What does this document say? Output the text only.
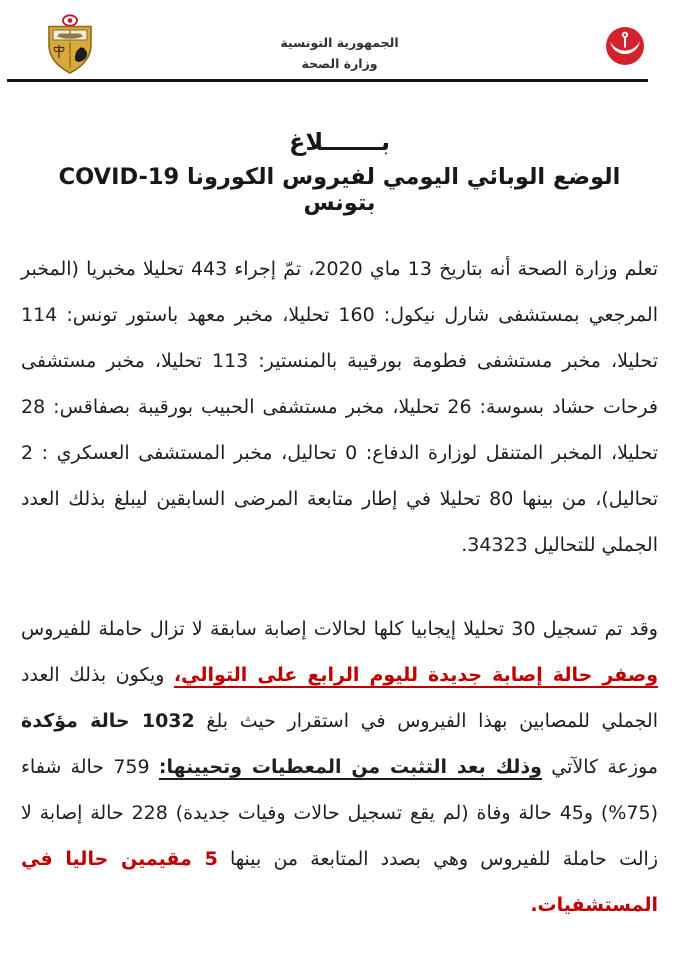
الجمهورية التونسية
وزارة الصحة
بـــــــلاغ
الوضع الوبائي اليومي لفيروس الكورونا COVID-19 بتونس

تعلم وزارة الصحة أنه بتاريخ 13 ماي 2020، تمّ إجراء 443 تحليلا مخبريا (المخبر المرجعي بمستشفى شارل نيكول: 160 تحليلا، مخبر معهد باستور تونس: 114 تحليلا، مخبر مستشفى فطومة بورقيبة بالمنستير: 113 تحليلا، مخبر مستشفى فرحات حشاد بسوسة: 26 تحليلا، مخبر مستشفى الحبيب بورقيبة بصفاقس: 28 تحليلا، المخبر المتنقل لوزارة الدفاع: 0 تحاليل، مخبر المستشفى العسكري : 2 تحاليل)، من بينها 80 تحليلا في إطار متابعة المرضى السابقين ليبلغ بذلك العدد الجملي للتحاليل 34323.

وقد تم تسجيل 30 تحليلا إيجابيا كلها لحالات إصابة سابقة لا تزال حاملة للفيروس وصفر حالة إصابة جديدة لليوم الرابع على التوالي، ويكون بذلك العدد الجملي للمصابين بهذا الفيروس في استقرار حيث بلغ 1032 حالة مؤكدة موزعة كالآتي وذلك بعد التثبت من المعطيات وتحيينها: 759 حالة شفاء (75%) و45 حالة وفاة (لم يقع تسجيل حالات وفيات جديدة) 228 حالة إصابة لا زالت حاملة للفيروس وهي بصدد المتابعة من بينها 5 مقيمين حاليا في المستشفيات.
